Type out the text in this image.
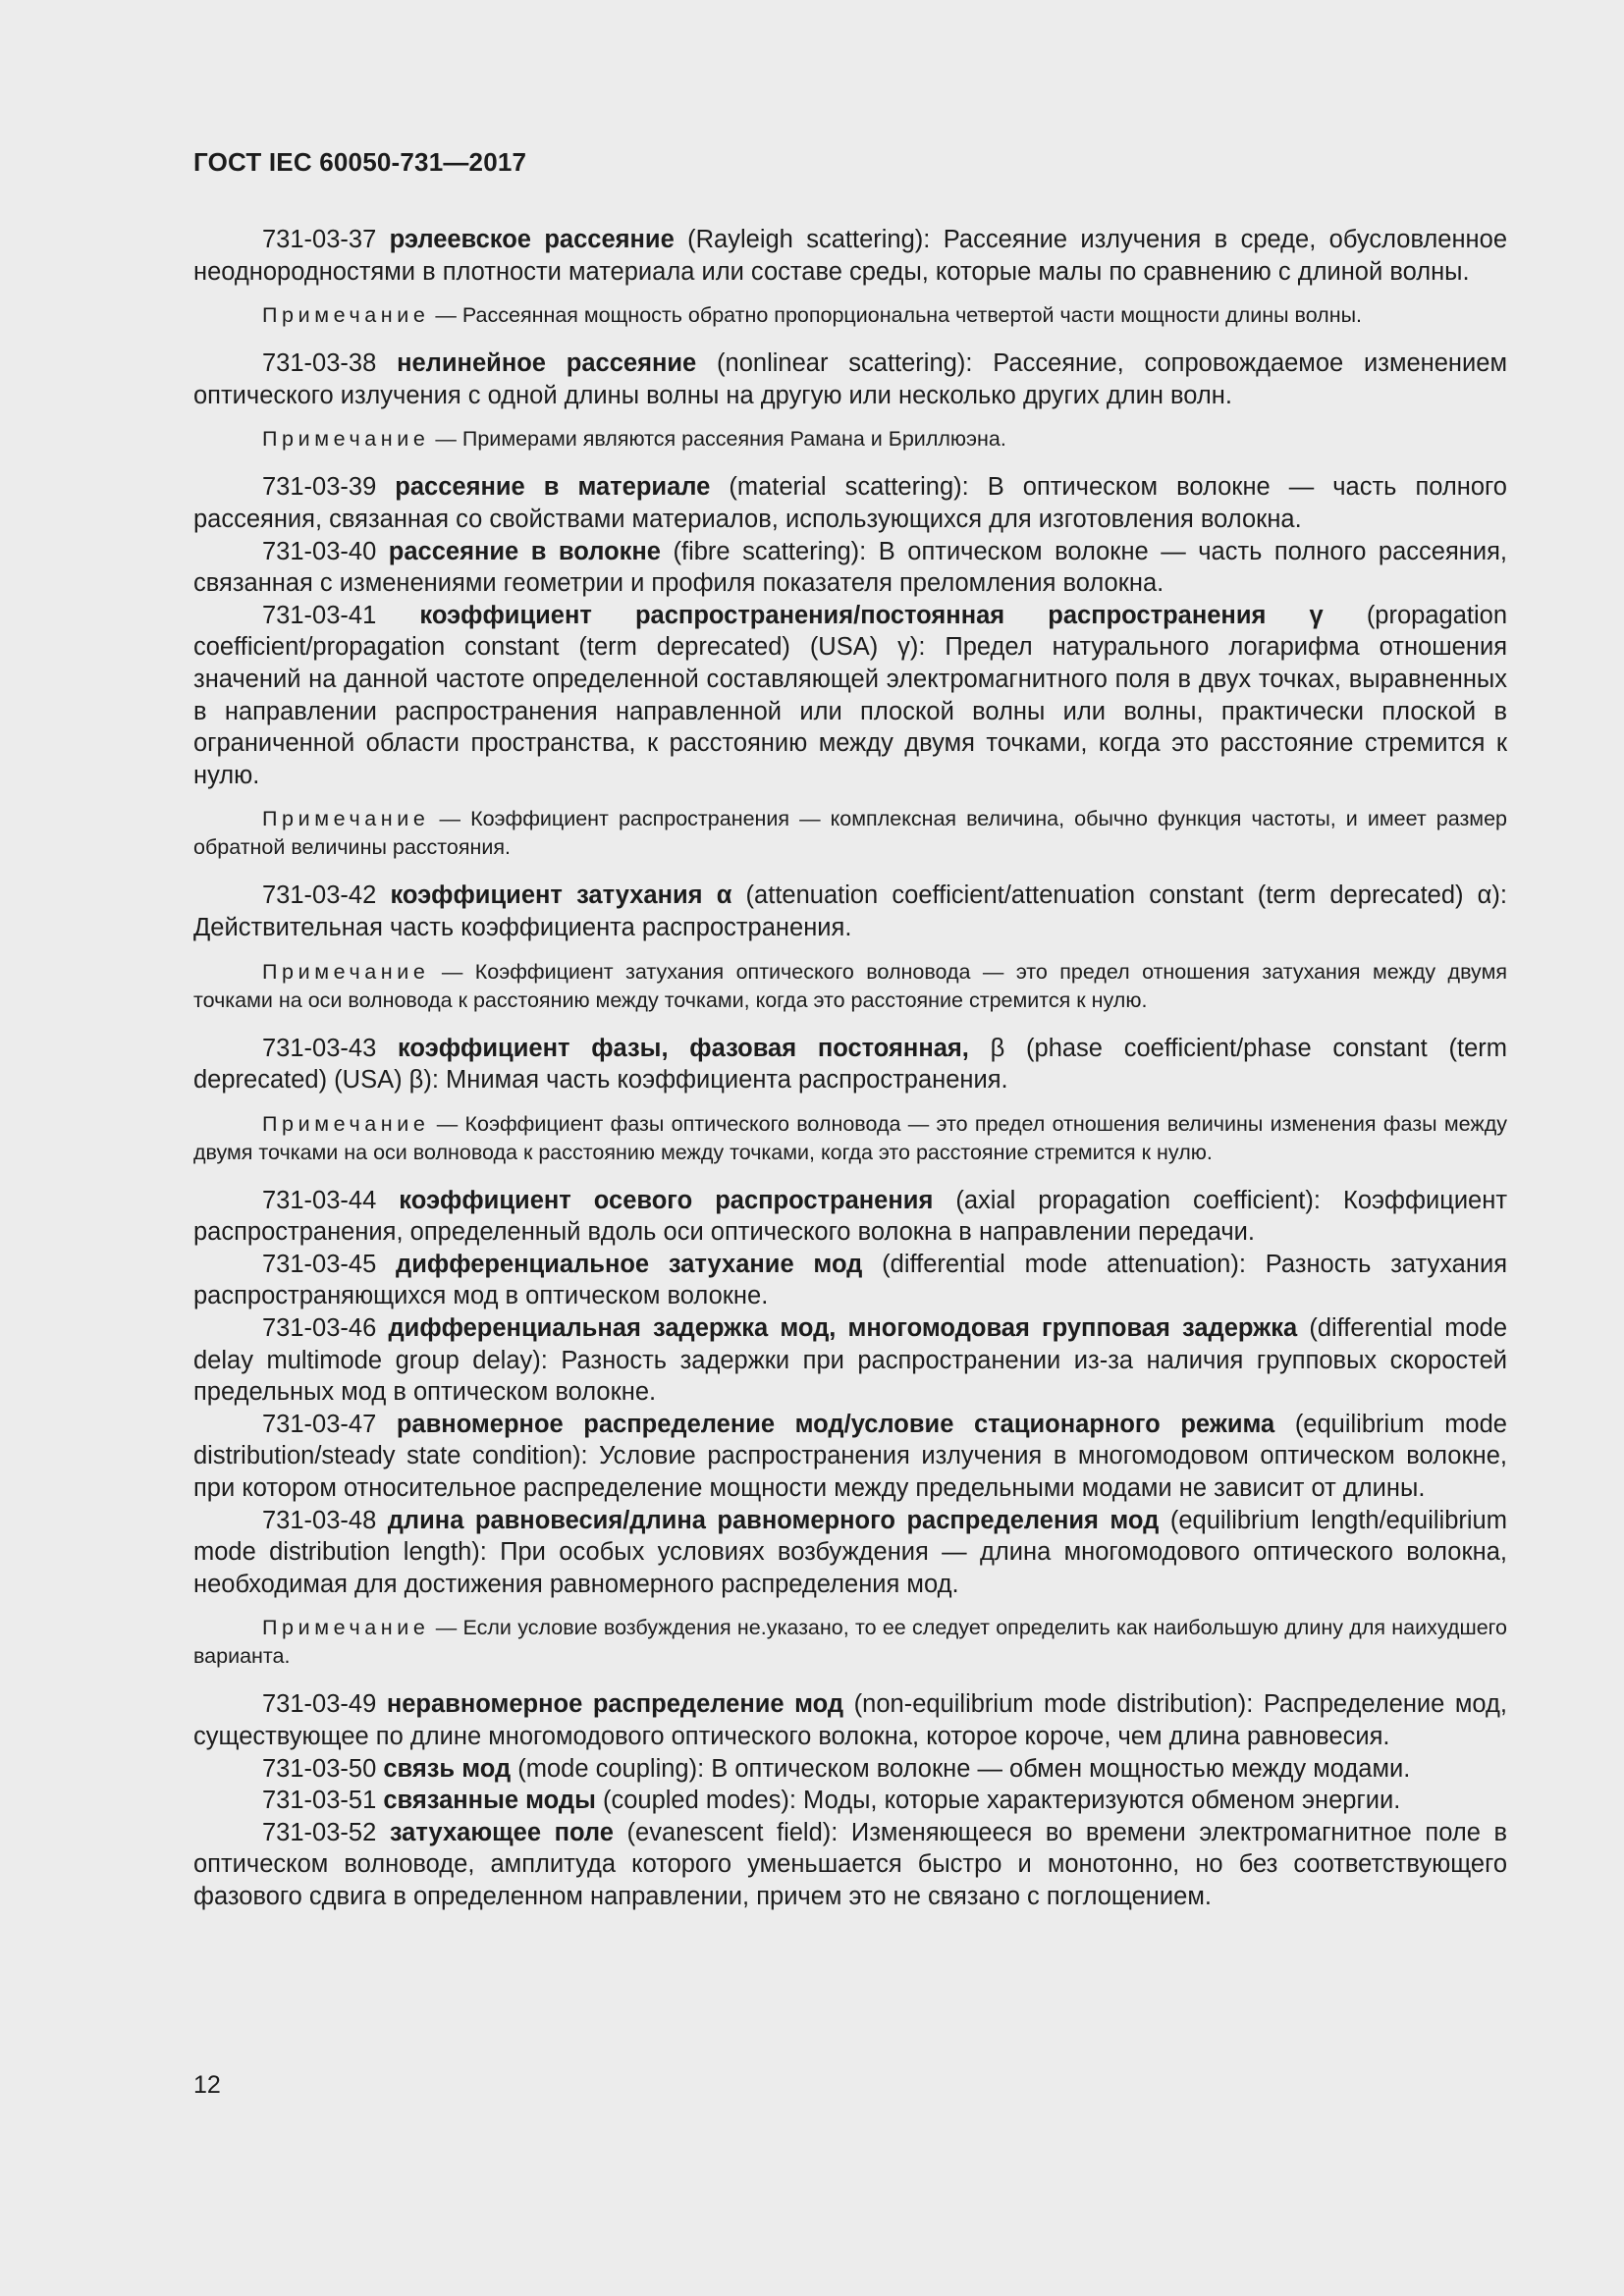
ГОСТ IEC 60050-731—2017

731-03-37 рэлеевское рассеяние (Rayleigh scattering): Рассеяние излучения в среде, обусловленное неоднородностями в плотности материала или составе среды, которые малы по сравнению с длиной волны.

Примечание — Рассеянная мощность обратно пропорциональна четвертой части мощности длины волны.

731-03-38 нелинейное рассеяние (nonlinear scattering): Рассеяние, сопровождаемое изменением оптического излучения с одной длины волны на другую или несколько других длин волн.

Примечание — Примерами являются рассеяния Рамана и Бриллюэна.

731-03-39 рассеяние в материале (material scattering): В оптическом волокне — часть полного рассеяния, связанная со свойствами материалов, использующихся для изготовления волокна.

731-03-40 рассеяние в волокне (fibre scattering): В оптическом волокне — часть полного рассеяния, связанная с изменениями геометрии и профиля показателя преломления волокна.

731-03-41 коэффициент распространения/постоянная распространения γ (propagation coefficient/propagation constant (term deprecated) (USA) γ): Предел натурального логарифма отношения значений на данной частоте определенной составляющей электромагнитного поля в двух точках, выравненных в направлении распространения направленной или плоской волны или волны, практически плоской в ограниченной области пространства, к расстоянию между двумя точками, когда это расстояние стремится к нулю.

Примечание — Коэффициент распространения — комплексная величина, обычно функция частоты, и имеет размер обратной величины расстояния.

731-03-42 коэффициент затухания α (attenuation coefficient/attenuation constant (term deprecated) α): Действительная часть коэффициента распространения.

Примечание — Коэффициент затухания оптического волновода — это предел отношения затухания между двумя точками на оси волновода к расстоянию между точками, когда это расстояние стремится к нулю.

731-03-43 коэффициент фазы, фазовая постоянная, β (phase coefficient/phase constant (term deprecated) (USA) β): Мнимая часть коэффициента распространения.

Примечание — Коэффициент фазы оптического волновода — это предел отношения величины изменения фазы между двумя точками на оси волновода к расстоянию между точками, когда это расстояние стремится к нулю.

731-03-44 коэффициент осевого распространения (axial propagation coefficient): Коэффициент распространения, определенный вдоль оси оптического волокна в направлении передачи.

731-03-45 дифференциальное затухание мод (differential mode attenuation): Разность затухания распространяющихся мод в оптическом волокне.

731-03-46 дифференциальная задержка мод, многомодовая групповая задержка (differential mode delay multimode group delay): Разность задержки при распространении из-за наличия групповых скоростей предельных мод в оптическом волокне.

731-03-47 равномерное распределение мод/условие стационарного режима (equilibrium mode distribution/steady state condition): Условие распространения излучения в многомодовом оптическом волокне, при котором относительное распределение мощности между предельными модами не зависит от длины.

731-03-48 длина равновесия/длина равномерного распределения мод (equilibrium length/equilibrium mode distribution length): При особых условиях возбуждения — длина многомодового оптического волокна, необходимая для достижения равномерного распределения мод.

Примечание — Если условие возбуждения не.указано, то ее следует определить как наибольшую длину для наихудшего варианта.

731-03-49 неравномерное распределение мод (non-equilibrium mode distribution): Распределение мод, существующее по длине многомодового оптического волокна, которое короче, чем длина равновесия.

731-03-50 связь мод (mode coupling): В оптическом волокне — обмен мощностью между модами.

731-03-51 связанные моды (coupled modes): Моды, которые характеризуются обменом энергии.

731-03-52 затухающее поле (evanescent field): Изменяющееся во времени электромагнитное поле в оптическом волноводе, амплитуда которого уменьшается быстро и монотонно, но без соответствующего фазового сдвига в определенном направлении, причем это не связано с поглощением.

12
